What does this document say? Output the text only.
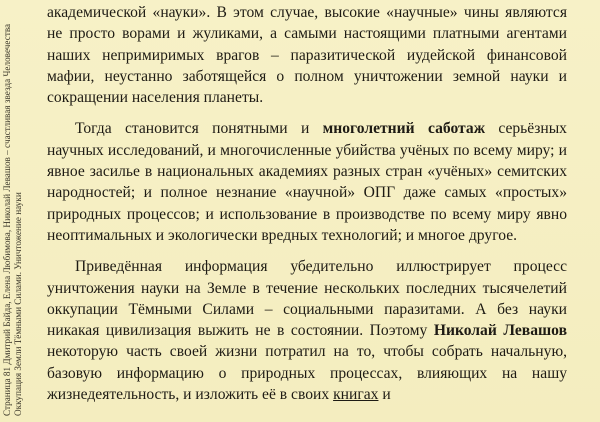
Страница 81 Дмитрий Байда, Елена Любимова, Николай Левашов – счастливая звезда Человечества Оккупация Земли Тёмными Силами. Уничтожение науки

академической «науки». В этом случае, высокие «научные» чины являются не просто ворами и жуликами, а самыми настоящими платными агентами наших непримиримых врагов – паразитической иудейской финансовой мафии, неустанно заботящейся о полном уничтожении земной науки и сокращении населения планеты.

Тогда становится понятными и многолетний саботаж серьёзных научных исследований, и многочисленные убийства учёных по всему миру; и явное засилье в национальных академиях разных стран «учёных» семитских народностей; и полное незнание «научной» ОПГ даже самых «простых» природных процессов; и использование в производстве по всему миру явно неоптимальных и экологически вредных технологий; и многое другое.

Приведённая информация убедительно иллюстрирует процесс уничтожения науки на Земле в течение нескольких последних тысячелетий оккупации Тёмными Силами – социальными паразитами. А без науки никакая цивилизация выжить не в состоянии. Поэтому Николай Левашов некоторую часть своей жизни потратил на то, чтобы собрать начальную, базовую информацию о природных процессах, влияющих на нашу жизнедеятельность, и изложить её в своих книгах и
